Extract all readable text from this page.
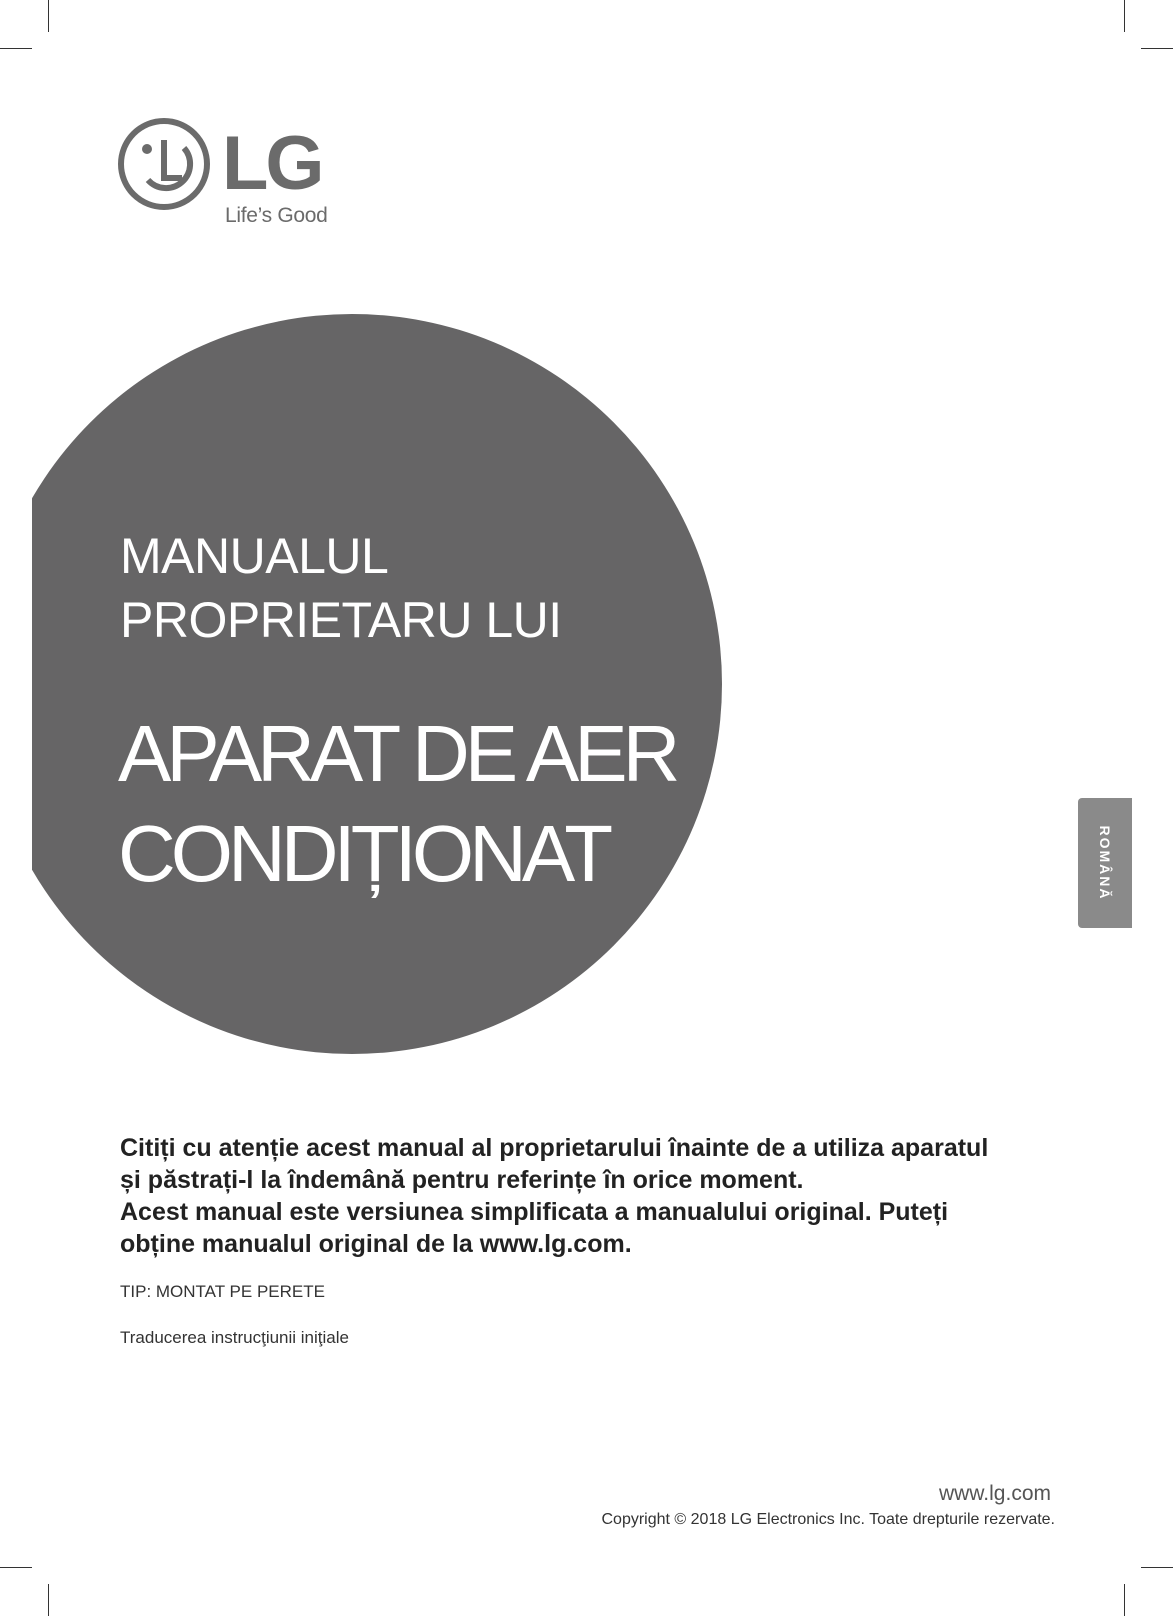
LG
Life’s Good
MANUALUL
PROPRIETARU LUI
APARAT DE AER
CONDIȚIONAT	ROMÂNĂ
Citiți cu atenție acest manual al proprietarului înainte de a utiliza aparatul
și păstrați-l la îndemână pentru referințe în orice moment.
Acest manual este versiunea simplificata a manualului original. Puteți
obține manualul original de la www.lg.com.
TIP: MONTAT PE PERETE
Traducerea instrucţiunii iniţiale
www.lg.com
Copyright © 2018 LG Electronics Inc. Toate drepturile rezervate.
